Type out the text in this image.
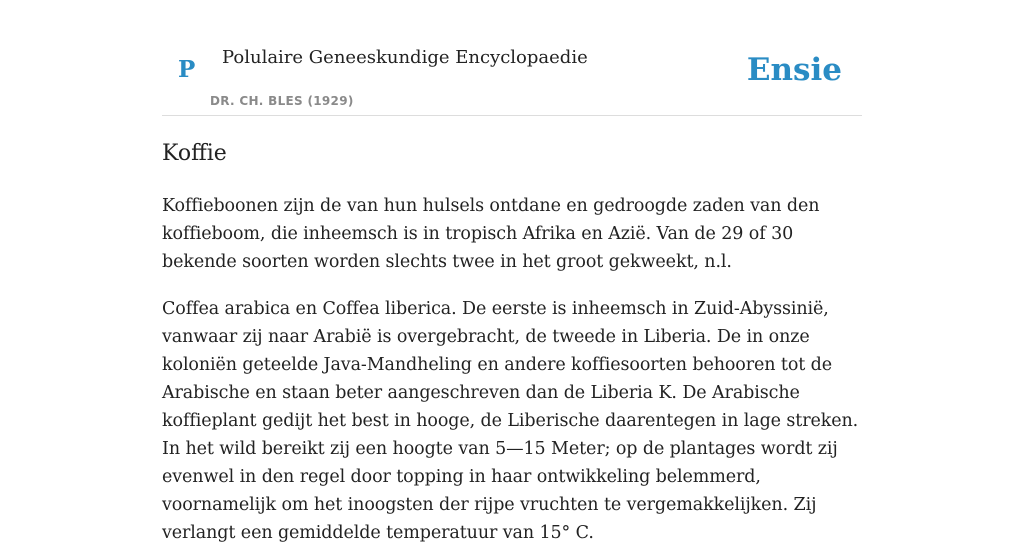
P Polulaire Geneeskundige Encyclopaedie
DR. CH. BLES (1929)
Ensie
Koffie

Koffieboonen zijn de van hun hulsels ontdane en gedroogde zaden van den koffieboom, die inheemsch is in tropisch Afrika en Azië. Van de 29 of 30 bekende soorten worden slechts twee in het groot gekweekt, n.l.

Coffea arabica en Coffea liberica. De eerste is inheemsch in Zuid-Abyssinië, vanwaar zij naar Arabië is overgebracht, de tweede in Liberia. De in onze koloniën geteelde Java-Mandheling en andere koffiesoorten behooren tot de Arabische en staan beter aangeschreven dan de Liberia K. De Arabische koffieplant gedijt het best in hooge, de Liberische daarentegen in lage streken. In het wild bereikt zij een hoogte van 5—15 Meter; op de plantages wordt zij evenwel in den regel door topping in haar ontwikkeling belemmerd, voornamelijk om het inoogsten der rijpe vruchten te vergemakkelijken. Zij verlangt een gemiddelde temperatuur van 15° C.
